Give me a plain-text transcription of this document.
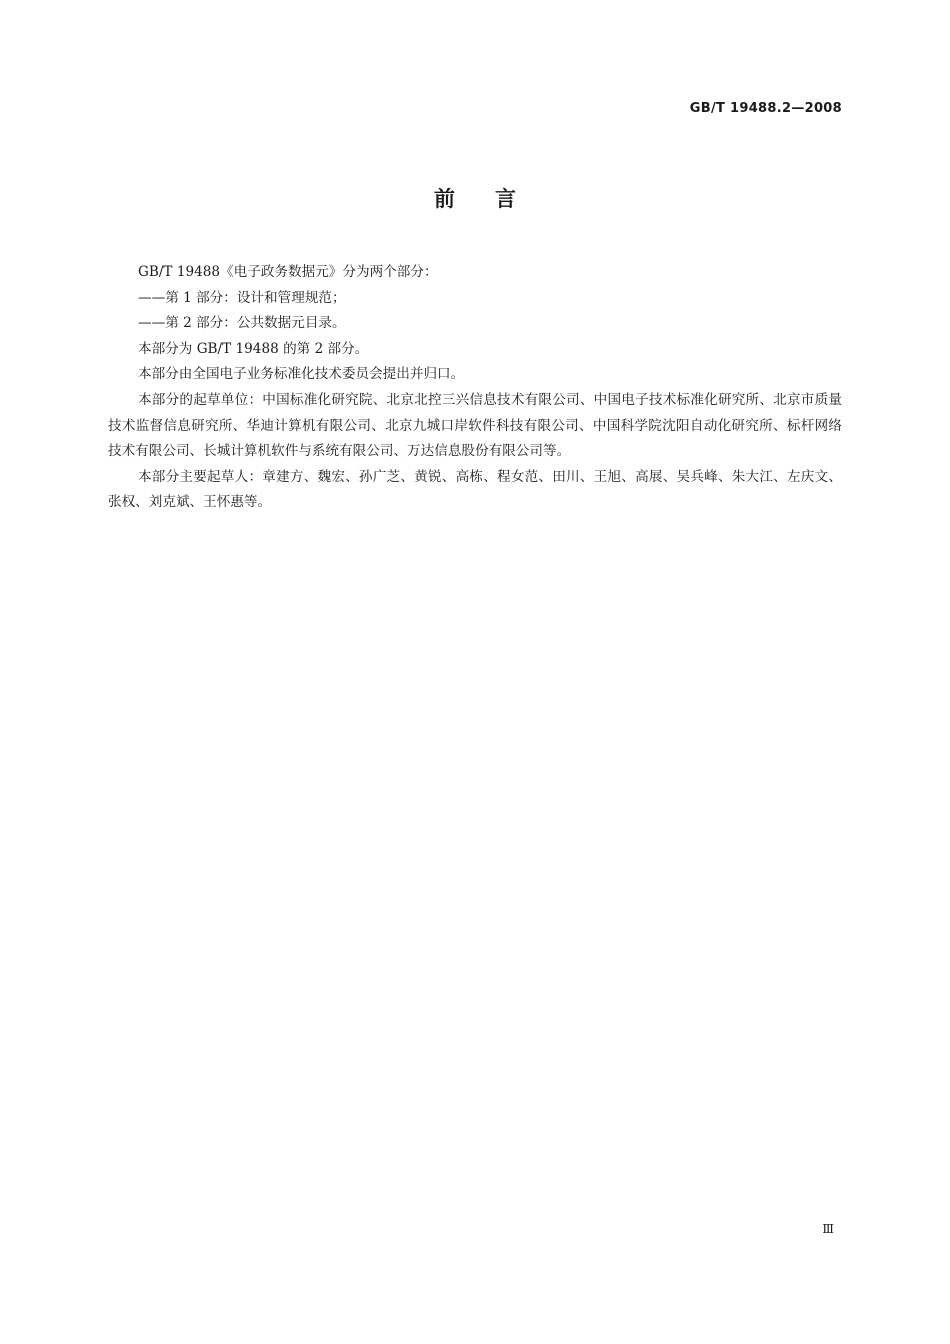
GB/T 19488.2—2008
前言

GB/T 19488《电子政务数据元》分为两个部分：

——第 1 部分：设计和管理规范；

——第 2 部分：公共数据元目录。

本部分为 GB/T 19488 的第 2 部分。

本部分由全国电子业务标准化技术委员会提出并归口。

本部分的起草单位：中国标准化研究院、北京北控三兴信息技术有限公司、中国电子技术标准化研究所、北京市质量技术监督信息研究所、华迪计算机有限公司、北京九城口岸软件科技有限公司、中国科学院沈阳自动化研究所、标杆网络技术有限公司、长城计算机软件与系统有限公司、万达信息股份有限公司等。

本部分主要起草人：章建方、魏宏、孙广芝、黄锐、高栋、程女范、田川、王旭、高展、吴兵峰、朱大江、左庆文、张权、刘克斌、王怀惠等。

Ⅲ
